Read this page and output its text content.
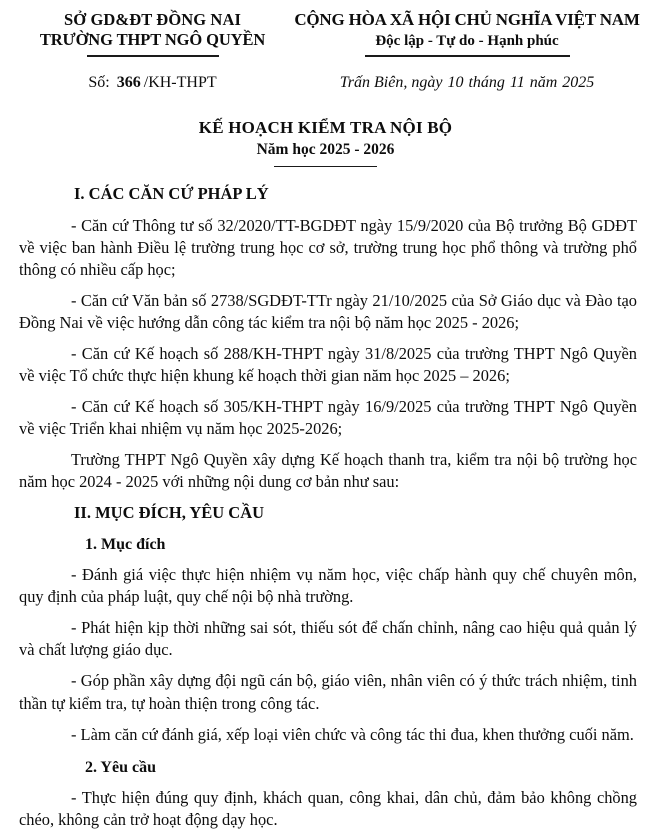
SỞ GD&ĐT ĐỒNG NAI
TRƯỜNG THPT NGÔ QUYỀN
CỘNG HÒA XÃ HỘI CHỦ NGHĨA VIỆT NAM
Độc lập - Tự do - Hạnh phúc
Số: 366 /KH-THPT	Trấn Biên, ngày 10 tháng 11 năm 2025
KẾ HOẠCH KIỂM TRA NỘI BỘ
Năm học 2025 - 2026
I. CÁC CĂN CỨ PHÁP LÝ

- Căn cứ Thông tư số 32/2020/TT-BGDĐT ngày 15/9/2020 của Bộ trưởng Bộ GDĐT về việc ban hành Điều lệ trường trung học cơ sở, trường trung học phổ thông và trường phổ thông có nhiều cấp học;

- Căn cứ Văn bản số 2738/SGDĐT-TTr ngày 21/10/2025 của Sở Giáo dục và Đào tạo Đồng Nai về việc hướng dẫn công tác kiểm tra nội bộ năm học 2025 - 2026;

- Căn cứ Kế hoạch số 288/KH-THPT ngày 31/8/2025 của trường THPT Ngô Quyền về việc Tổ chức thực hiện khung kế hoạch thời gian năm học 2025 – 2026;

- Căn cứ Kế hoạch số 305/KH-THPT ngày 16/9/2025 của trường THPT Ngô Quyền về việc Triển khai nhiệm vụ năm học 2025-2026;

Trường THPT Ngô Quyền xây dựng Kế hoạch thanh tra, kiểm tra nội bộ trường học năm học 2024 - 2025 với những nội dung cơ bản như sau:

II. MỤC ĐÍCH, YÊU CẦU
1. Mục đích

- Đánh giá việc thực hiện nhiệm vụ năm học, việc chấp hành quy chế chuyên môn, quy định của pháp luật, quy chế nội bộ nhà trường.

- Phát hiện kịp thời những sai sót, thiếu sót để chấn chỉnh, nâng cao hiệu quả quản lý và chất lượng giáo dục.

- Góp phần xây dựng đội ngũ cán bộ, giáo viên, nhân viên có ý thức trách nhiệm, tinh thần tự kiểm tra, tự hoàn thiện trong công tác.

- Làm căn cứ đánh giá, xếp loại viên chức và công tác thi đua, khen thưởng cuối năm.

2. Yêu cầu

- Thực hiện đúng quy định, khách quan, công khai, dân chủ, đảm bảo không chồng chéo, không cản trở hoạt động dạy học.
